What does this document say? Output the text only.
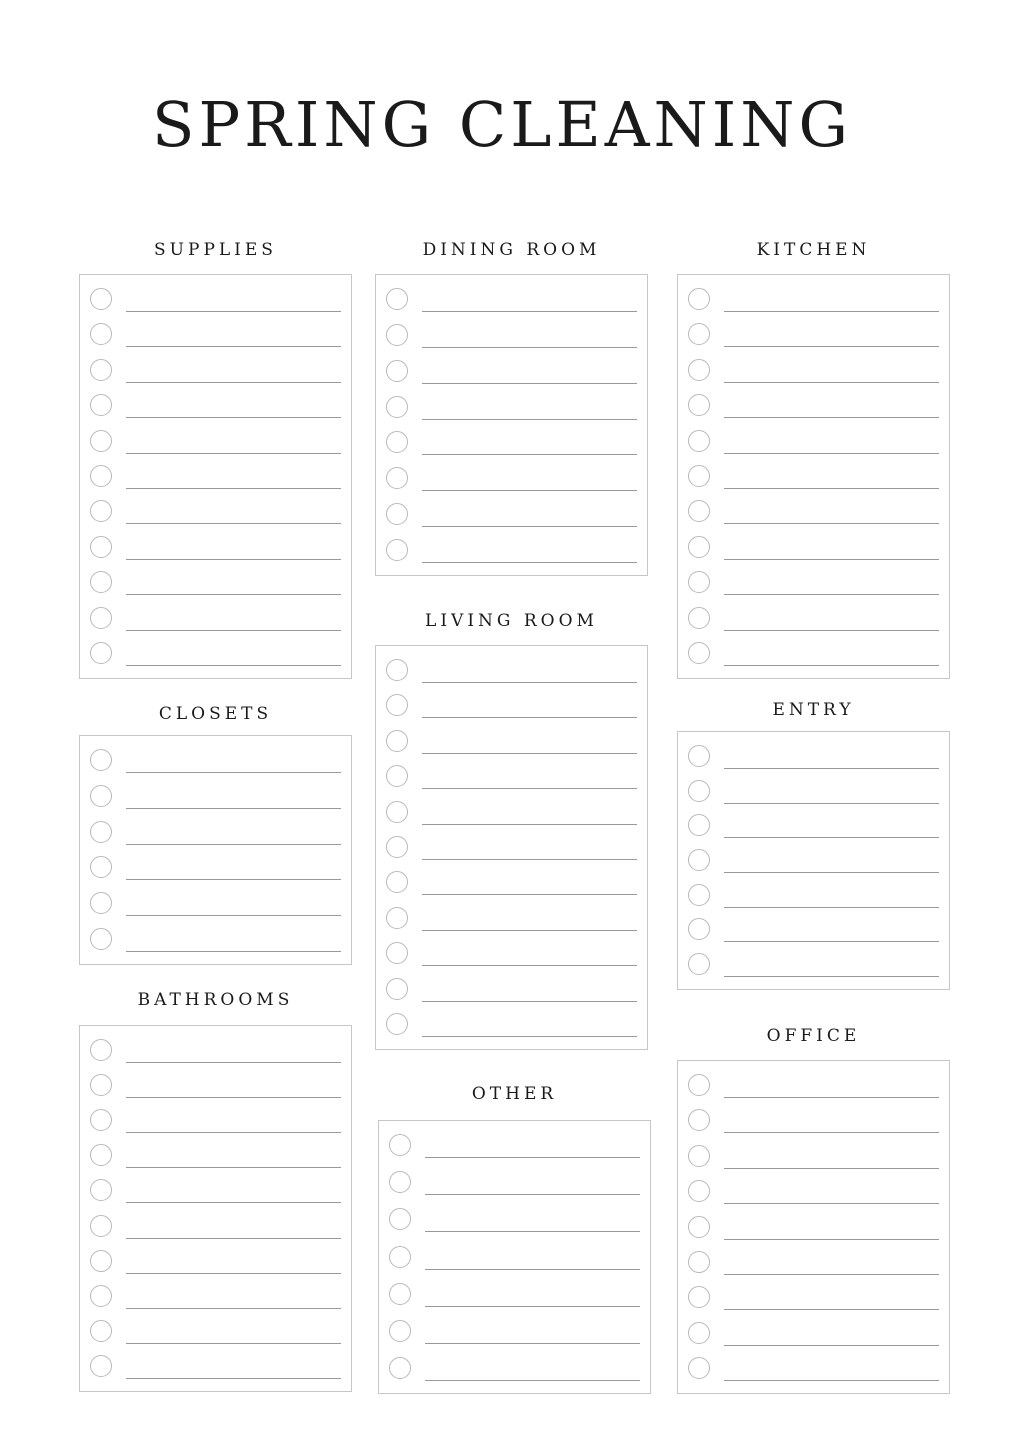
SPRING CLEANING
SUPPLIES
CLOSETS
BATHROOMS
DINING ROOM
LIVING ROOM
OTHER
KITCHEN
ENTRY
OFFICE
